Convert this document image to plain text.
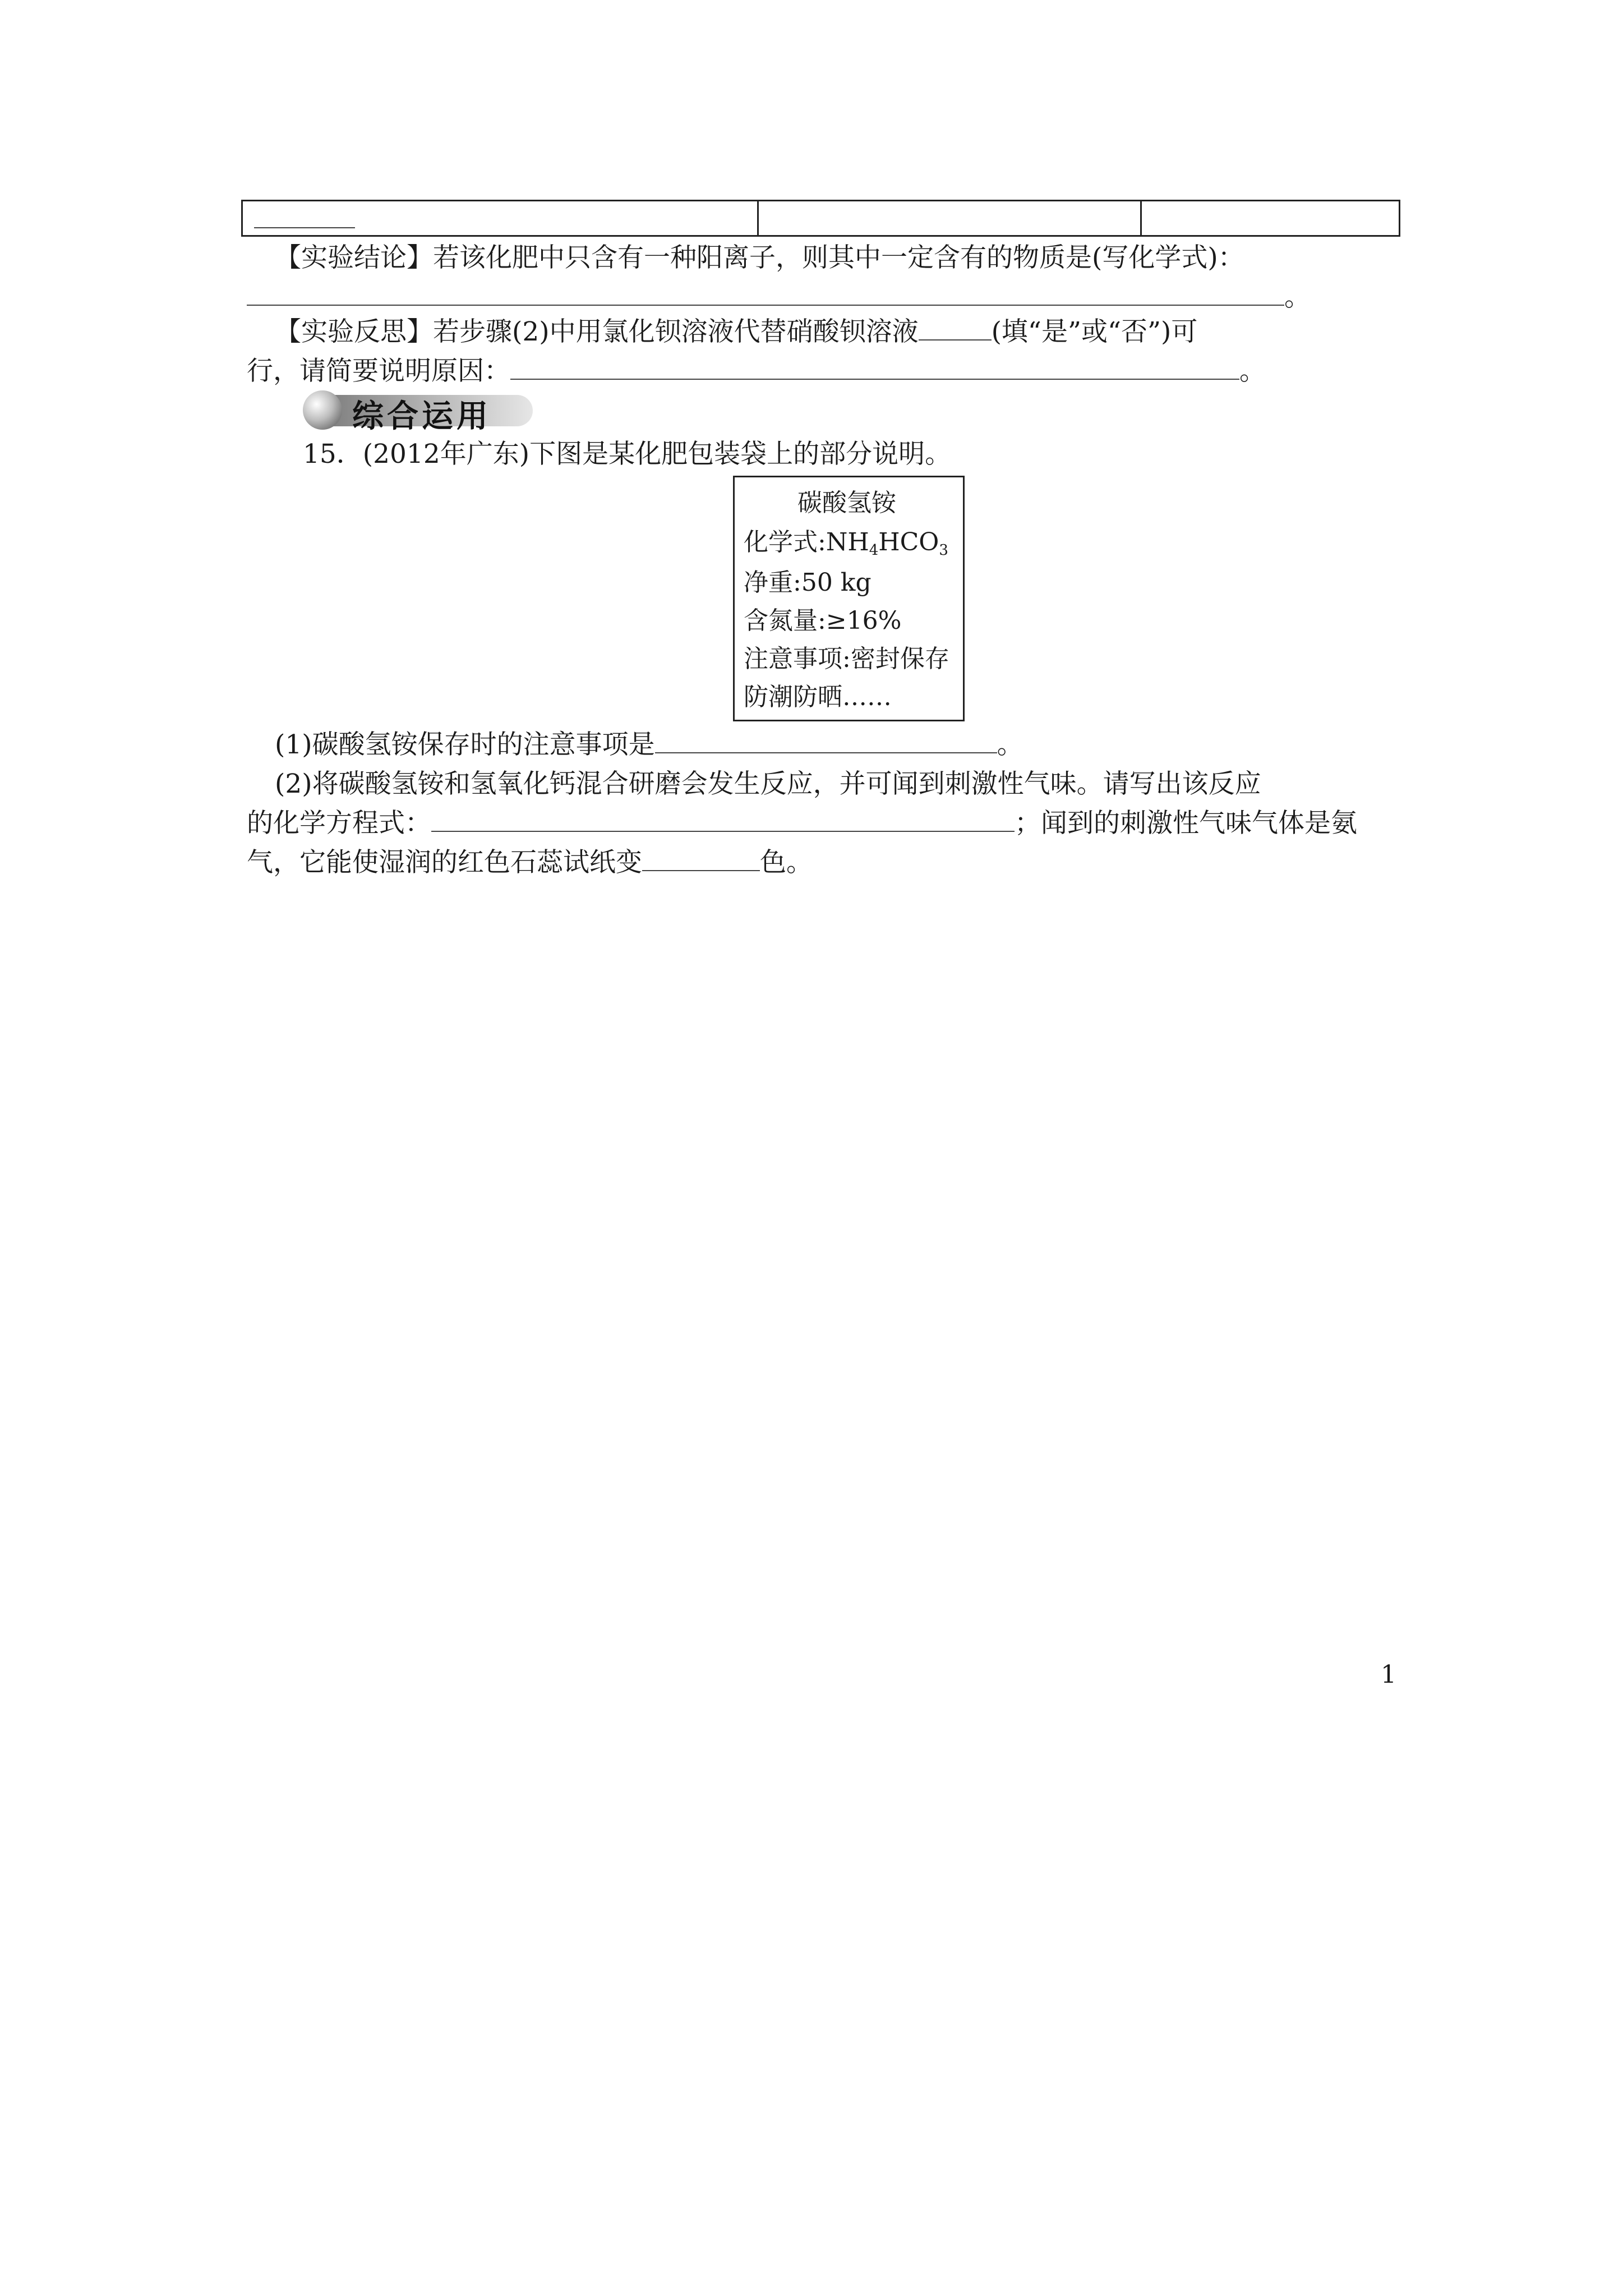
【实验结论】若该化肥中只含有一种阳离子，则其中一定含有的物质是(写化学式)：
。
【实验反思】若步骤(2)中用氯化钡溶液代替硝酸钡溶液	(填“是”或“否”)可
行，请简要说明原因：	。
综合运用
15．(2012年广东)下图是某化肥包装袋上的部分说明。
碳酸氢铵
化学式$:NH_4HCO_3$
净重:50 kg
含氮量:≥16%
注意事项:密封保存
防潮防晒……
(1)碳酸氢铵保存时的注意事项是	。
(2)将碳酸氢铵和氢氧化钙混合研磨会发生反应，并可闻到刺激性气味。请写出该反应
的化学方程式：	；闻到的刺激性气味气体是氨
气，它能使湿润的红色石蕊试纸变	色。
1
